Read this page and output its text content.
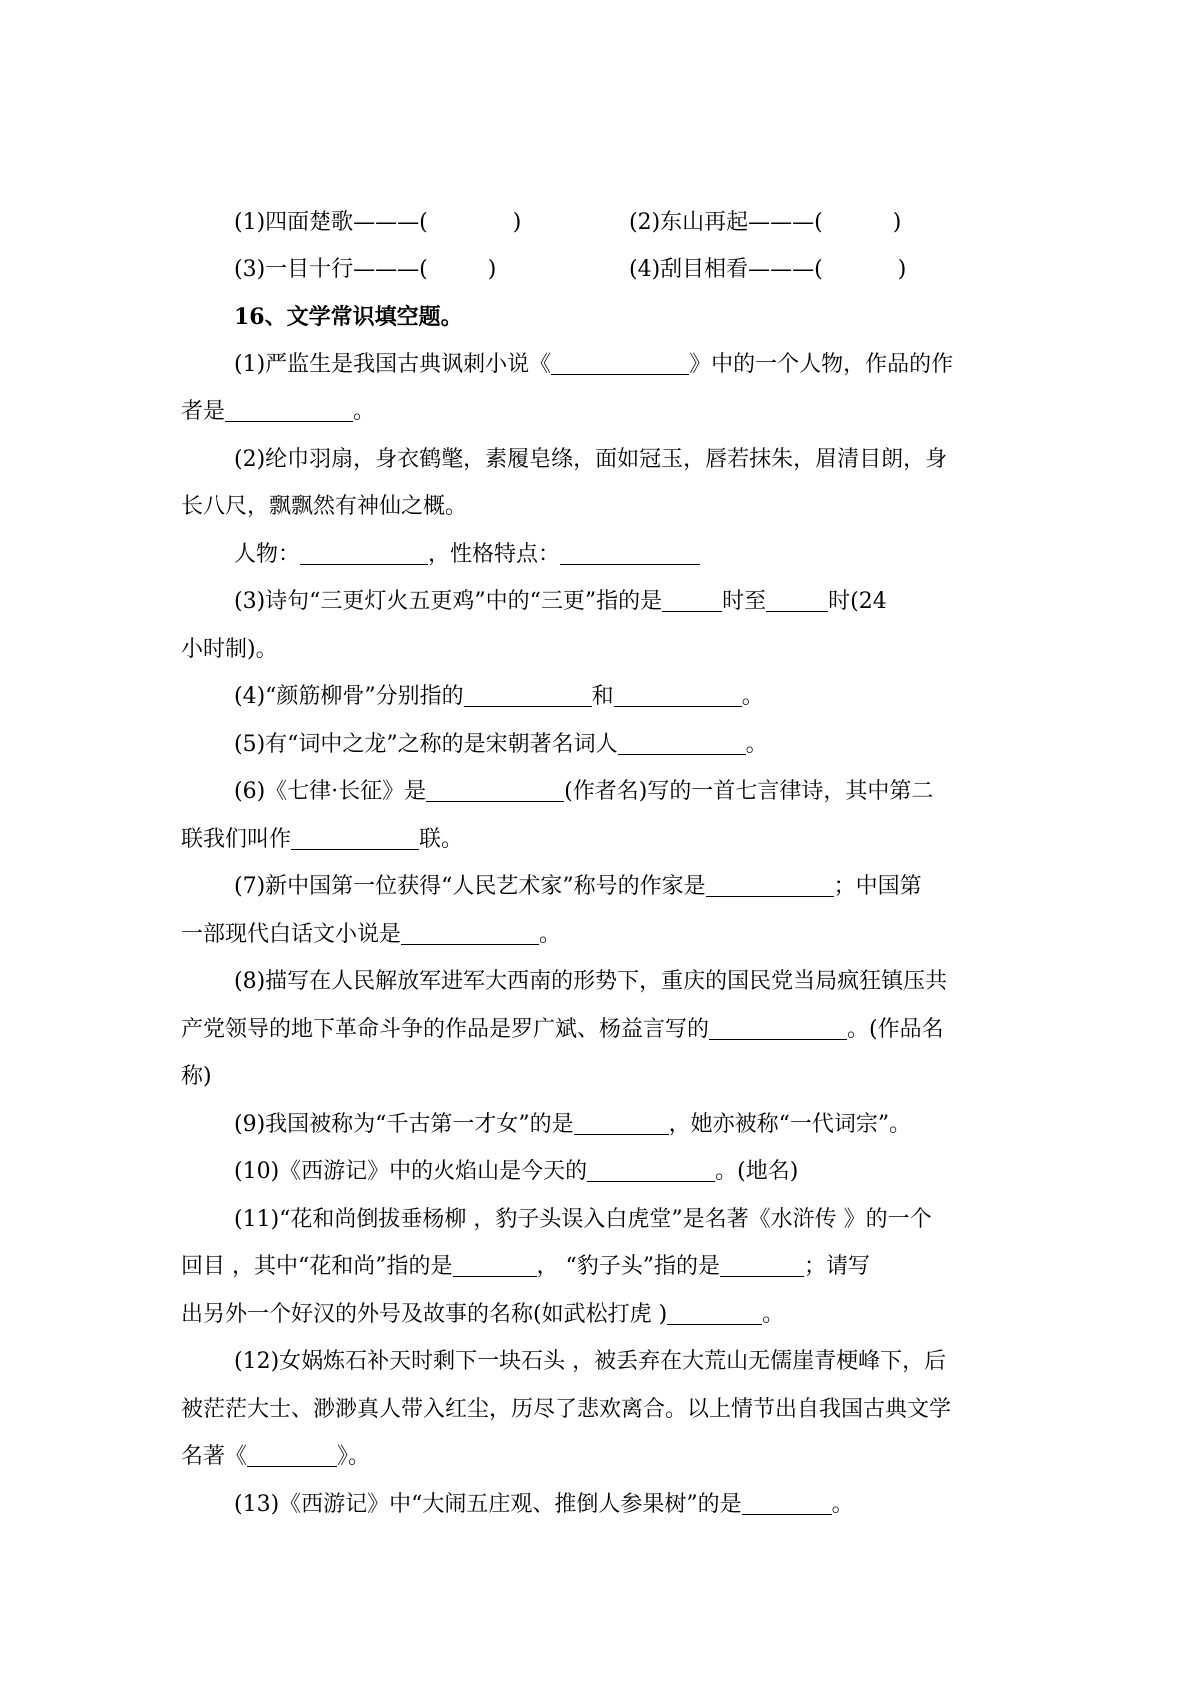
(1)四面楚歌———(	)	(2)东山再起———(	)
(3)一目十行———(	)	(4)刮目相看———(	)
16、文学常识填空题。
(1)严监生是我国古典讽刺小说《	》中的一个人物，作品的作
者是	。
(2)纶巾羽扇，身衣鹤氅，素履皂绦，面如冠玉，唇若抹朱，眉清目朗，身
长八尺，飘飘然有神仙之概。
人物：	，性格特点：
(3)诗句“三更灯火五更鸡”中的“三更”指的是	时至	时(24
小时制)。
(4)“颜筋柳骨”分别指的	和	。
(5)有“词中之龙”之称的是宋朝著名词人	。
(6)《七律·长征》是	(作者名)写的一首七言律诗，其中第二
联我们叫作	联。
(7)新中国第一位获得“人民艺术家”称号的作家是	；中国第
一部现代白话文小说是	。
(8)描写在人民解放军进军大西南的形势下，重庆的国民党当局疯狂镇压共
产党领导的地下革命斗争的作品是罗广斌、杨益言写的	。(作品名
称)
(9)我国被称为“千古第一才女”的是	，她亦被称“一代词宗”。
(10)《西游记》中的火焰山是今天的	。(地名)
(11)“花和尚倒拔垂杨柳 ，豹子头误入白虎堂”是名著《水浒传 》的一个
回目 ，其中“花和尚”指的是	， “豹子头”指的是	；请写
出另外一个好汉的外号及故事的名称(如武松打虎 )	。
(12)女娲炼石补天时剩下一块石头 ，被丢弃在大荒山无儒崖青梗峰下，后
被茫茫大士、渺渺真人带入红尘，历尽了悲欢离合。以上情节出自我国古典文学
名著《	》。
(13)《西游记》中“大闹五庄观、推倒人参果树”的是	。
